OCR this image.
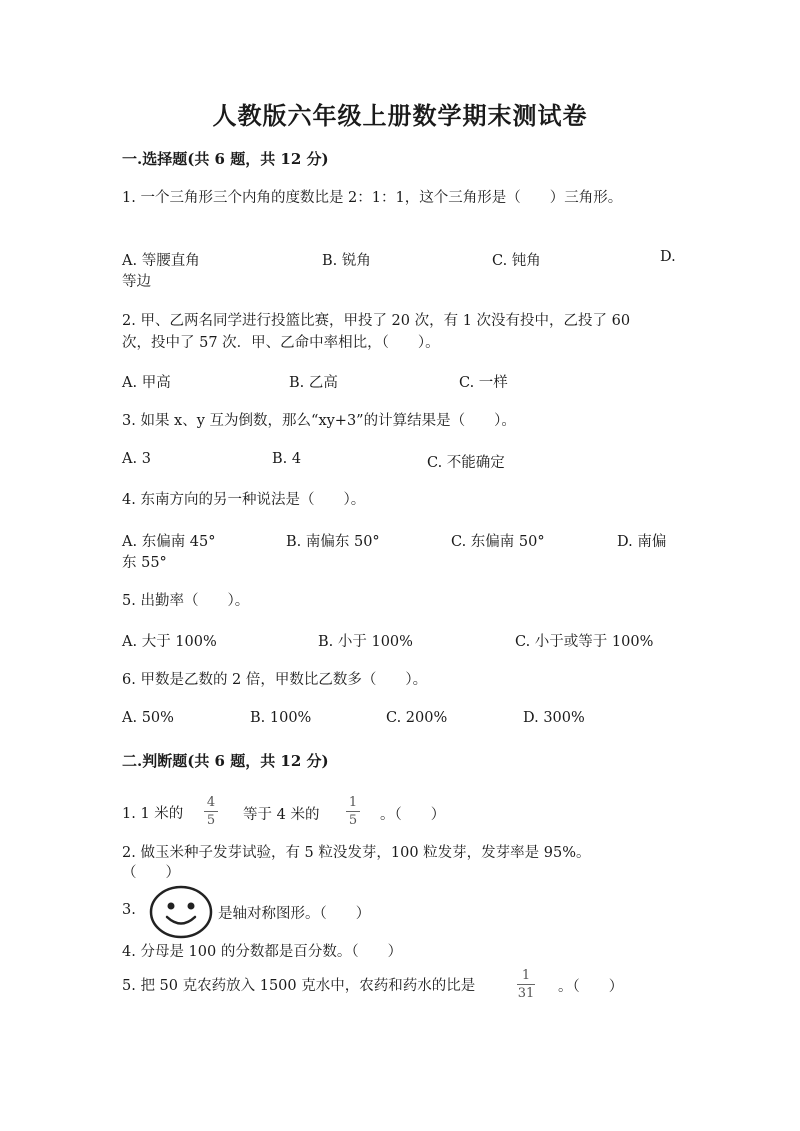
人教版六年级上册数学期末测试卷
一.选择题(共 6 题，共 12 分)
1. 一个三角形三个内角的度数比是 2：1：1，这个三角形是（　　）三角形。
A. 等腰直角	B. 锐角	C. 钝角	D.
等边
2. 甲、乙两名同学进行投篮比赛，甲投了 20 次，有 1 次没有投中，乙投了 60
次，投中了 57 次．甲、乙命中率相比，（　　）。
A. 甲高	B. 乙高	C. 一样
3. 如果 x、y 互为倒数，那么“xy+3”的计算结果是（　　）。
A. 3	B. 4	C. 不能确定
4. 东南方向的另一种说法是（　　）。
A. 东偏南 45°	B. 南偏东 50°	C. 东偏南 50°	D. 南偏
东 55°
5. 出勤率（　　）。
A. 大于 100%	B. 小于 100%	C. 小于或等于 100%
6. 甲数是乙数的 2 倍，甲数比乙数多（　　）。
A. 50%	B. 100%	C. 200%	D. 300%
二.判断题(共 6 题，共 12 分)
1. 1 米的
4
5 等于 4 米的
1
5 。（　　）
2. 做玉米种子发芽试验，有 5 粒没发芽，100 粒发芽，发芽率是 95%。
（　　）
3.	是轴对称图形。（　　）
4. 分母是 100 的分数都是百分数。（　　）
5. 把 50 克农药放入 1500 克水中，农药和药水的比是
1
31 。（　　）
